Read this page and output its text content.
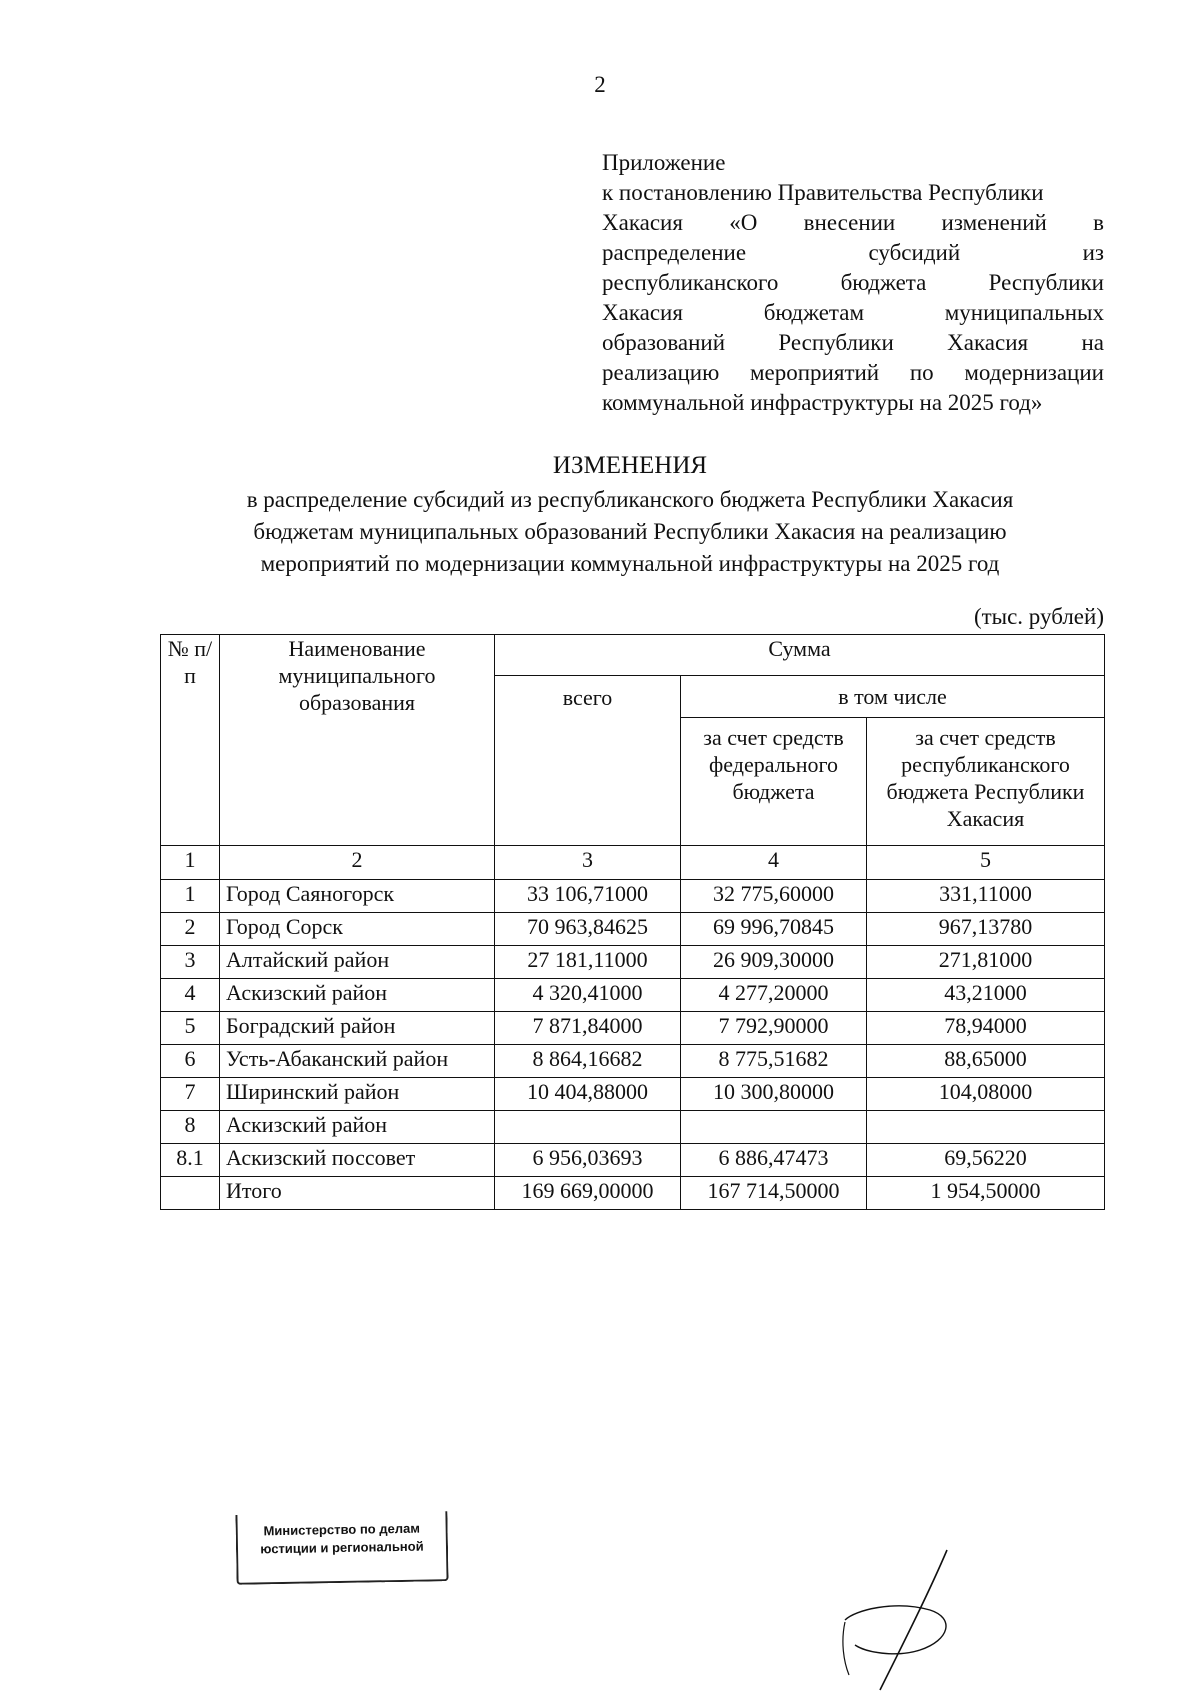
2
Приложение
к постановлению Правительства Республики
Хакасия «О внесении изменений в
распределение	субсидий	из
республиканского	бюджета	Республики
Хакасия	бюджетам	муниципальных
образований Республики Хакасия на
реализацию мероприятий по модернизации
коммунальной инфраструктуры на 2025 год»
ИЗМЕНЕНИЯ
в распределение субсидий из республиканского бюджета Республики Хакасия
бюджетам муниципальных образований Республики Хакасия на реализацию
мероприятий по модернизации коммунальной инфраструктуры на 2025 год
(тыс. рублей)
№ п/п	Наименование муниципального образования	Сумма		
		всего	в том числе	
			за счет средств федерального бюджета	за счет средств республиканского бюджета Республики Хакасия
1	2	3	4	5
1	Город Саяногорск	33 106,71000	32 775,60000	331,11000
2	Город Сорск	70 963,84625	69 996,70845	967,13780
3	Алтайский район	27 181,11000	26 909,30000	271,81000
4	Аскизский район	4 320,41000	4 277,20000	43,21000
5	Боградский район	7 871,84000	7 792,90000	78,94000
6	Усть-Абаканский район	8 864,16682	8 775,51682	88,65000
7	Ширинский район	10 404,88000	10 300,80000	104,08000
8	Аскизский район			
8.1	Аскизский поссовет	6 956,03693	6 886,47473	69,56220
	Итого	169 669,00000	167 714,50000	1 954,50000
Министерство по делам
юстиции и региональной
